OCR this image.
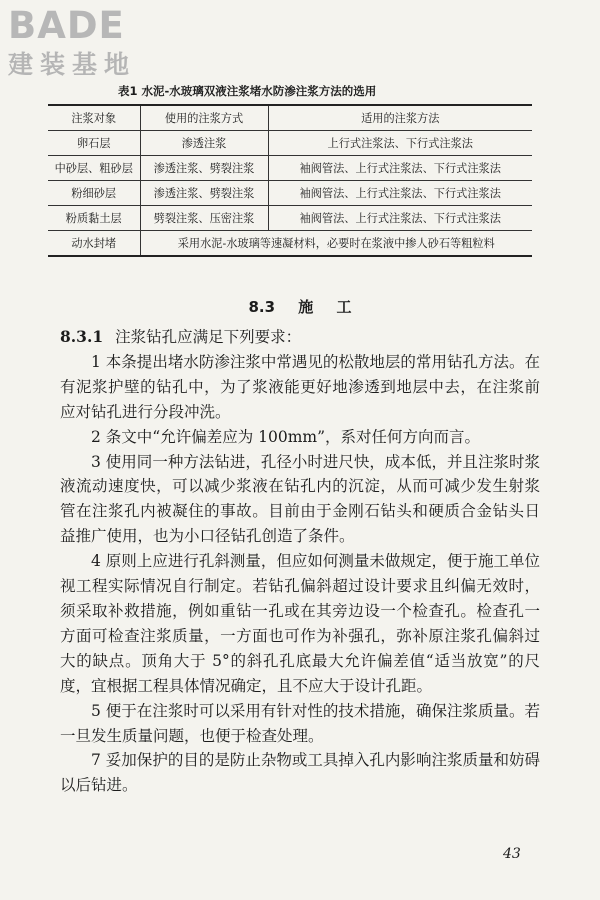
BADE
建装基地
表1 水泥-水玻璃双液注浆堵水防渗注浆方法的选用
注浆对象	使用的注浆方式	适用的注浆方法
卵石层	渗透注浆	上行式注浆法、下行式注浆法
中砂层、粗砂层	渗透注浆、劈裂注浆	袖阀管法、上行式注浆法、下行式注浆法
粉细砂层	渗透注浆、劈裂注浆	袖阀管法、上行式注浆法、下行式注浆法
粉质黏土层	劈裂注浆、压密注浆	袖阀管法、上行式注浆法、下行式注浆法
动水封堵	采用水泥-水玻璃等速凝材料，必要时在浆液中掺人砂石等粗粒料	
8.3 施 工

8.3.1 注浆钻孔应满足下列要求：

1 本条提出堵水防渗注浆中常遇见的松散地层的常用钻孔方法。在有泥浆护壁的钻孔中，为了浆液能更好地渗透到地层中去，在注浆前应对钻孔进行分段冲洗。

2 条文中“允许偏差应为 100mm”，系对任何方向而言。

3 使用同一种方法钻进，孔径小时进尺快，成本低，并且注浆时浆液流动速度快，可以减少浆液在钻孔内的沉淀，从而可减少发生射浆管在注浆孔内被凝住的事故。目前由于金刚石钻头和硬质合金钻头日益推广使用，也为小口径钻孔创造了条件。

4 原则上应进行孔斜测量，但应如何测量未做规定，便于施工单位视工程实际情况自行制定。若钻孔偏斜超过设计要求且纠偏无效时，须采取补救措施，例如重钻一孔或在其旁边设一个检查孔。检查孔一方面可检查注浆质量，一方面也可作为补强孔，弥补原注浆孔偏斜过大的缺点。顶角大于 5°的斜孔孔底最大允许偏差值“适当放宽”的尺度，宜根据工程具体情况确定，且不应大于设计孔距。

5 便于在注浆时可以采用有针对性的技术措施，确保注浆质量。若一旦发生质量问题，也便于检查处理。

7 妥加保护的目的是防止杂物或工具掉入孔内影响注浆质量和妨碍以后钻进。

43
